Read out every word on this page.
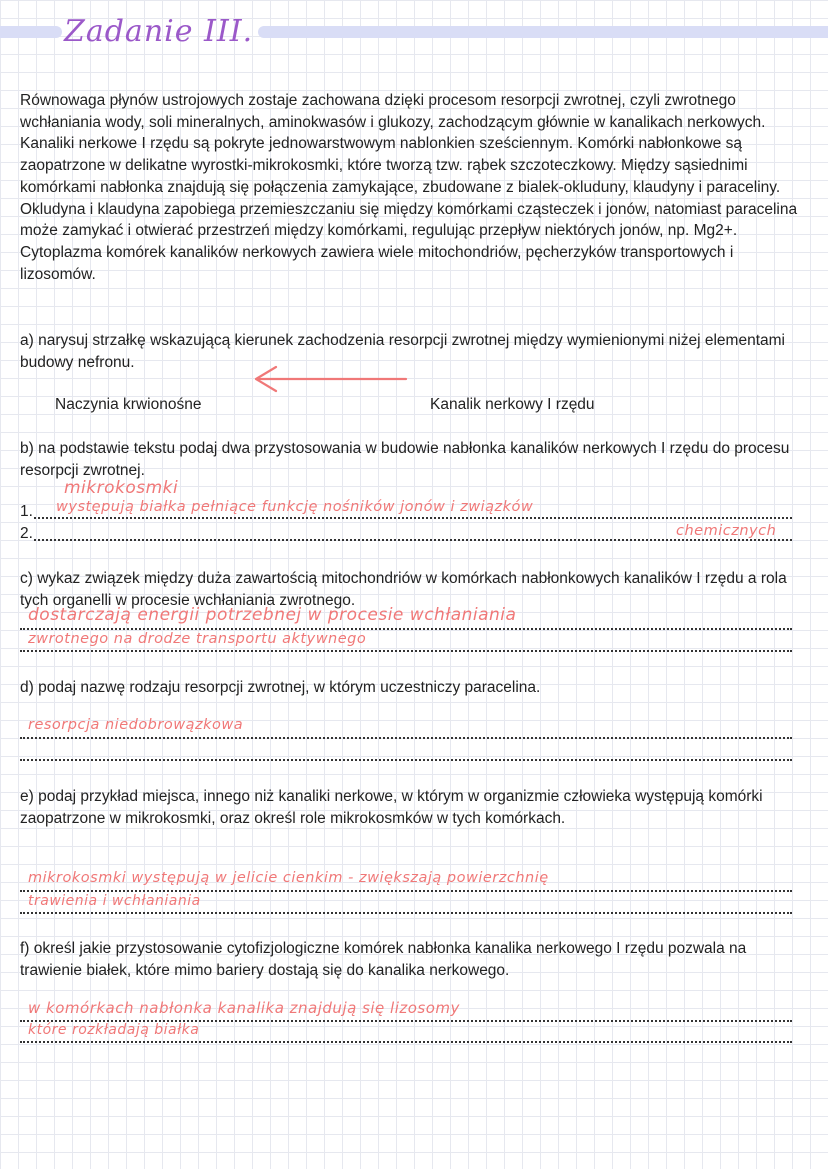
Zadanie III.
Równowaga płynów ustrojowych zostaje zachowana dzięki procesom resorpcji zwrotnej, czyli zwrotnego wchłaniania wody, soli mineralnych, aminokwasów i glukozy, zachodzącym głównie w kanalikach nerkowych. Kanaliki nerkowe I rzędu są pokryte jednowarstwowym nablonkien sześciennym. Komórki nabłonkowe są zaopatrzone w delikatne wyrostki-mikrokosmki, które tworzą tzw. rąbek szczoteczkowy. Między sąsiednimi komórkami nabłonka znajdują się połączenia zamykające, zbudowane z bialek-okluduny, klaudyny i paraceliny. Okludyna i klaudyna zapobiega przemieszczaniu się między komórkami cząsteczek i jonów, natomiast paracelina może zamykać i otwierać przestrzeń między komórkami, regulując przepływ niektórych jonów, np. Mg2+. Cytoplazma komórek kanalików nerkowych zawiera wiele mitochondriów, pęcherzyków transportowych i lizosomów.
a) narysuj strzałkę wskazującą kierunek zachodzenia resorpcji zwrotnej między wymienionymi niżej elementami budowy nefronu.
Naczynia krwionośne	Kanalik nerkowy I rzędu
b) na podstawie tekstu podaj dwa przystosowania w budowie nabłonka kanalików nerkowych I rzędu do procesu resorpcji zwrotnej.
mikrokosmki
1. występują białka pełniące funkcję nośników jonów i związków
2.	chemicznych
c) wykaz związek między duża zawartością mitochondriów w komórkach nabłonkowych kanalików I rzędu a rola tych organelli w procesie wchłaniania zwrotnego.
dostarczają energii potrzebnej w procesie wchłaniania
zwrotnego na drodze transportu aktywnego
d) podaj nazwę rodzaju resorpcji zwrotnej, w którym uczestniczy paracelina.
resorpcja niedobrowązkowa
e) podaj przykład miejsca, innego niż kanaliki nerkowe, w którym w organizmie człowieka występują komórki zaopatrzone w mikrokosmki, oraz określ role mikrokosmków w tych komórkach.
mikrokosmki występują w jelicie cienkim - zwiększają powierzchnię
trawienia i wchłaniania
f) określ jakie przystosowanie cytofizjologiczne komórek nabłonka kanalika nerkowego I rzędu pozwala na trawienie białek, które mimo bariery dostają się do kanalika nerkowego.
w komórkach nabłonka kanalika znajdują się lizosomy
które rozkładają białka
